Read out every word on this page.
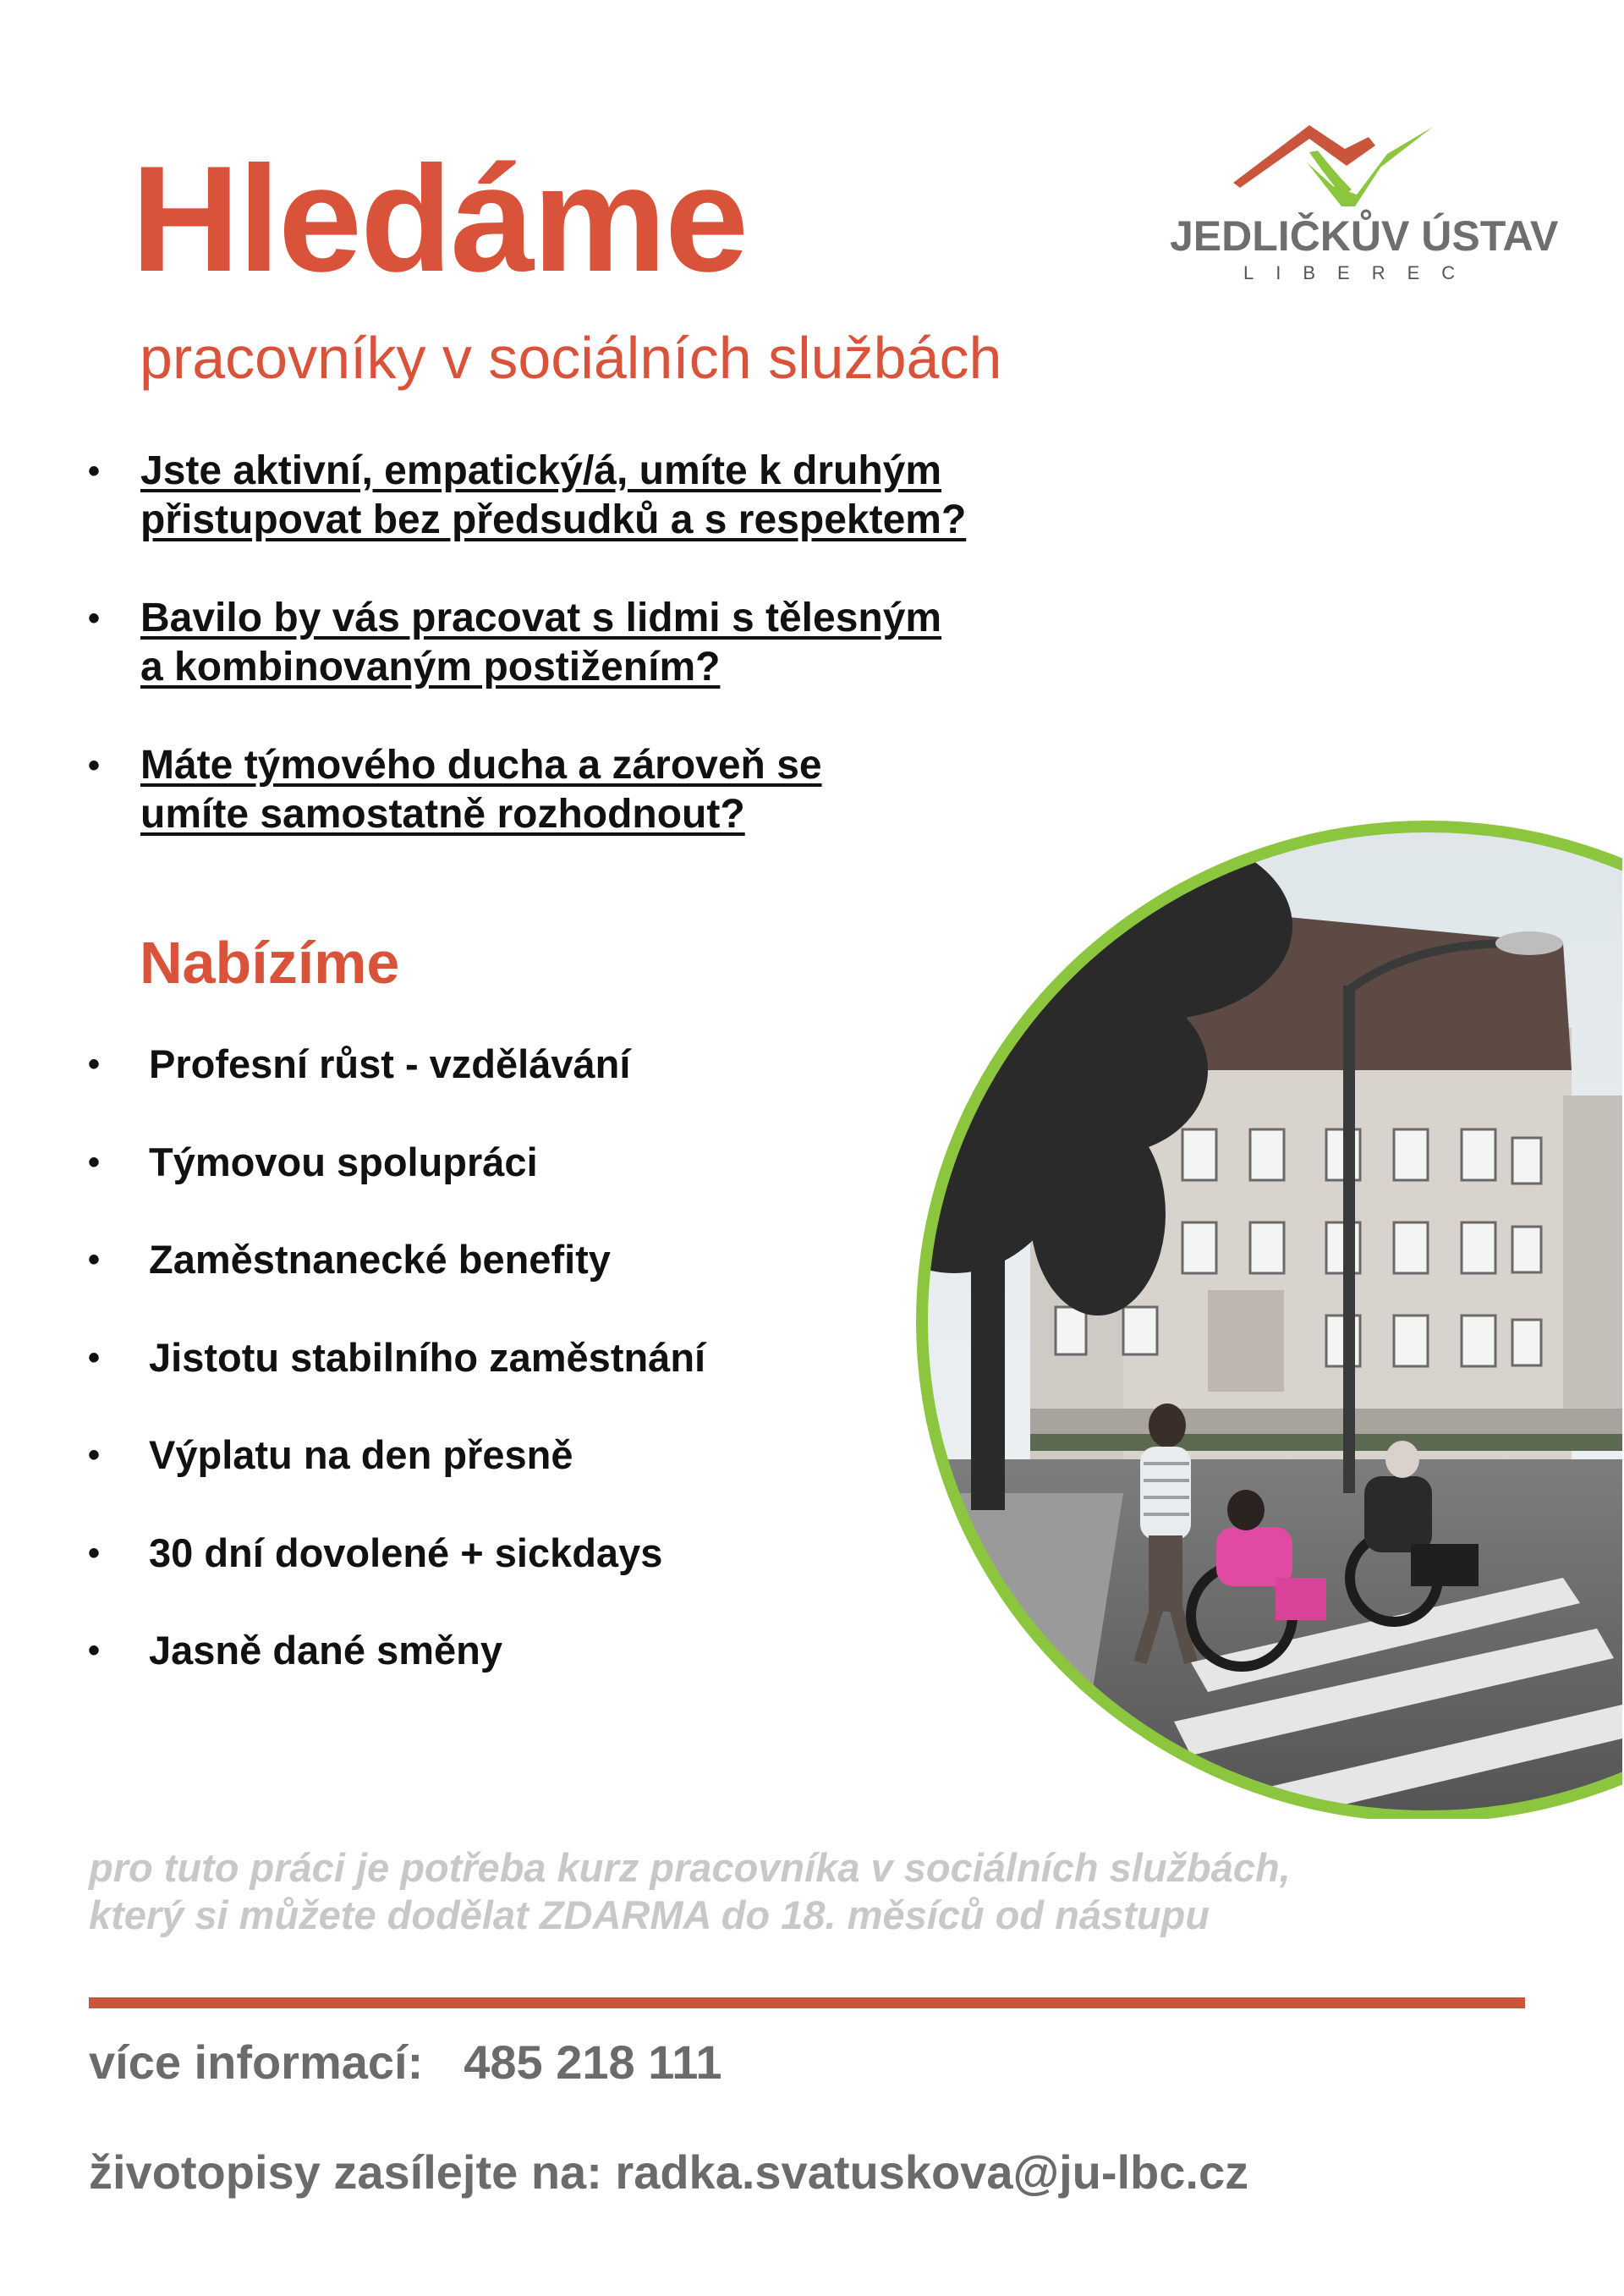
Hledáme
pracovníky v sociálních službách
JEDLIČKŮV ÚSTAV
LIBEREC
• Jste aktivní, empatický/á, umíte k druhým
přistupovat bez předsudků a s respektem?
• Bavilo by vás pracovat s lidmi s tělesným
a kombinovaným postižením?
• Máte týmového ducha a zároveň se
umíte samostatně rozhodnout?
Nabízíme
• Profesní růst - vzdělávání
• Týmovou spolupráci
• Zaměstnanecké benefity
• Jistotu stabilního zaměstnání
• Výplatu na den přesně
• 30 dní dovolené + sickdays
• Jasně dané směny
pro tuto práci je potřeba kurz pracovníka v sociálních službách,
který si můžete dodělat ZDARMA do 18. měsíců od nástupu
více informací: 485 218 111
životopisy zasílejte na: radka.svatuskova@ju-lbc.cz
